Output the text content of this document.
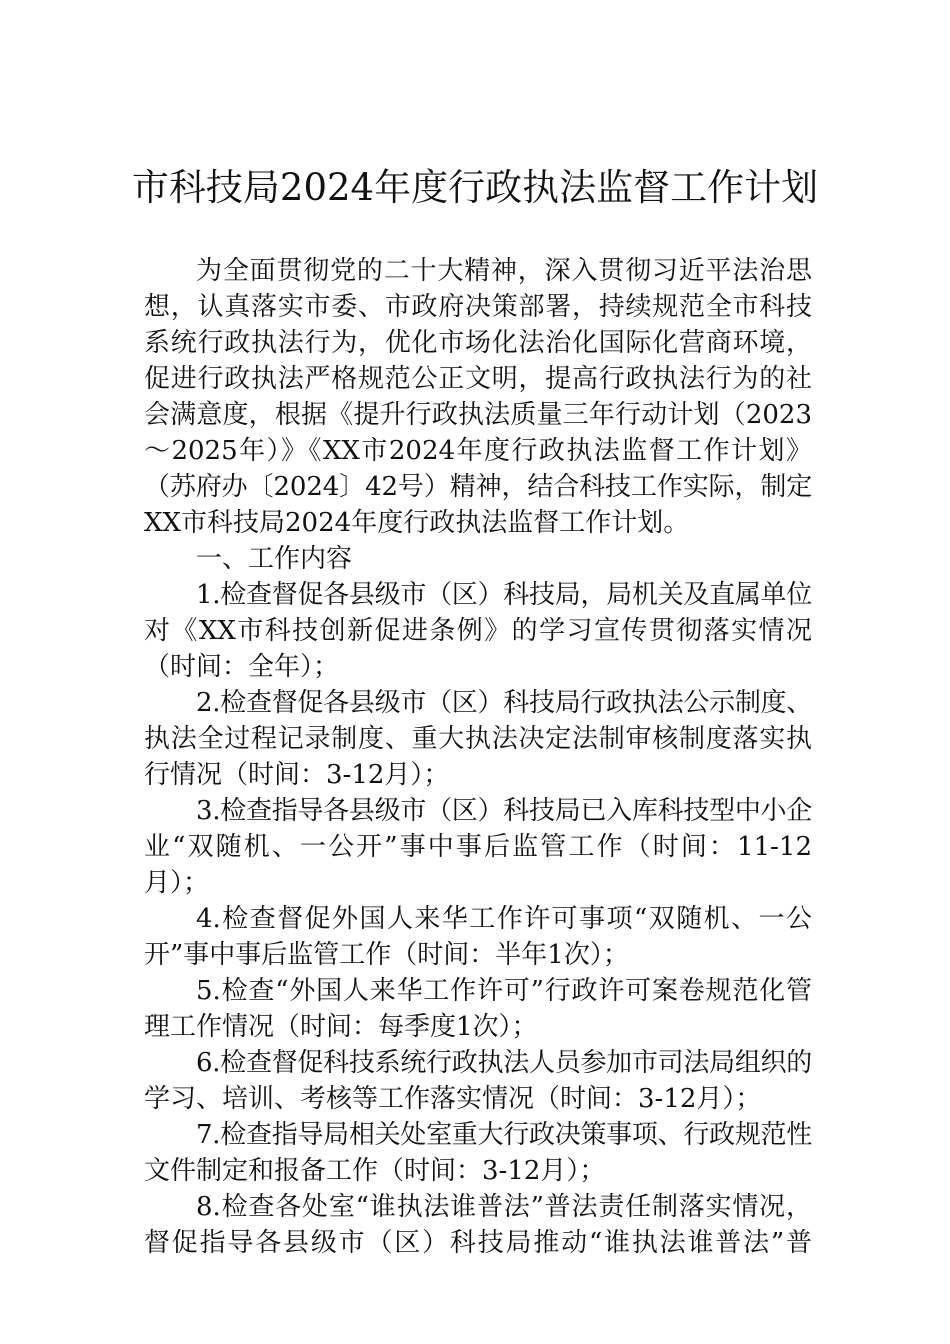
市科技局2024年度行政执法监督工作计划
为全面贯彻党的二十大精神，深入贯彻习近平法治思
想，认真落实市委、市政府决策部署，持续规范全市科技
系统行政执法行为，优化市场化法治化国际化营商环境，
促进行政执法严格规范公正文明，提高行政执法行为的社
会满意度，根据《提升行政执法质量三年行动计划（2023
～2025年）》《XX市2024年度行政执法监督工作计划》
（苏府办〔2024〕42号）精神，结合科技工作实际，制定
XX市科技局2024年度行政执法监督工作计划。
一、工作内容
1.检查督促各县级市（区）科技局，局机关及直属单位
对《XX市科技创新促进条例》的学习宣传贯彻落实情况
（时间：全年）；
2.检查督促各县级市（区）科技局行政执法公示制度、
执法全过程记录制度、重大执法决定法制审核制度落实执
行情况（时间：3-12月）；
3.检查指导各县级市（区）科技局已入库科技型中小企
业“双随机、一公开”事中事后监管工作（时间：11-12
月）；
4.检查督促外国人来华工作许可事项“双随机、一公
开”事中事后监管工作（时间：半年1次）；
5.检查“外国人来华工作许可”行政许可案卷规范化管
理工作情况（时间：每季度1次）；
6.检查督促科技系统行政执法人员参加市司法局组织的
学习、培训、考核等工作落实情况（时间：3-12月）；
7.检查指导局相关处室重大行政决策事项、行政规范性
文件制定和报备工作（时间：3-12月）；
8.检查各处室“谁执法谁普法”普法责任制落实情况，
督促指导各县级市（区）科技局推动“谁执法谁普法”普
